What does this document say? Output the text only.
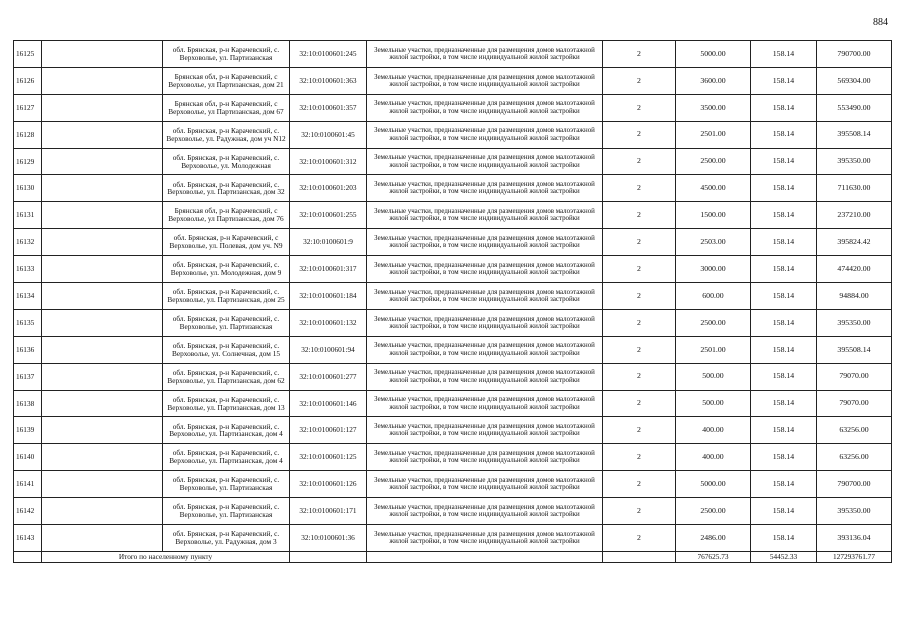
884
16125		обл. Брянская, р-н Карачевский, с. Верховолье, ул. Партизанская	32:10:0100601:245	Земельные участки, предназначенные для размещения домов малоэтажной жилой застройки, в том числе индивидуальной жилой застройки	2	5000.00	158.14	790700.00
16126		Брянская обл, р-н Карачевский, с Верховолье, ул Партизанская, дом 21	32:10:0100601:363	Земельные участки, предназначенные для размещения домов малоэтажной жилой застройки, в том числе индивидуальной жилой застройки	2	3600.00	158.14	569304.00
16127		Брянская обл, р-н Карачевский, с Верховолье, ул Партизанская, дом 67	32:10:0100601:357	Земельные участки, предназначенные для размещения домов малоэтажной жилой застройки, в том числе индивидуальной жилой застройки	2	3500.00	158.14	553490.00
16128		обл. Брянская, р-н Карачевский, с. Верховолье, ул. Радужная, дом уч N12	32:10:0100601:45	Земельные участки, предназначенные для размещения домов малоэтажной жилой застройки, в том числе индивидуальной жилой застройки	2	2501.00	158.14	395508.14
16129		обл. Брянская, р-н Карачевский, с. Верховолье, ул. Молодежная	32:10:0100601:312	Земельные участки, предназначенные для размещения домов малоэтажной жилой застройки, в том числе индивидуальной жилой застройки	2	2500.00	158.14	395350.00
16130		обл. Брянская, р-н Карачевский, с. Верховолье, ул. Партизанская, дом 32	32:10:0100601:203	Земельные участки, предназначенные для размещения домов малоэтажной жилой застройки, в том числе индивидуальной жилой застройки	2	4500.00	158.14	711630.00
16131		Брянская обл, р-н Карачевский, с Верховолье, ул Партизанская, дом 76	32:10:0100601:255	Земельные участки, предназначенные для размещения домов малоэтажной жилой застройки, в том числе индивидуальной жилой застройки	2	1500.00	158.14	237210.00
16132		обл. Брянская, р-н Карачевский, с Верховолье, ул. Полевая, дом уч. N9	32:10:0100601:9	Земельные участки, предназначенные для размещения домов малоэтажной жилой застройки, в том числе индивидуальной жилой застройки	2	2503.00	158.14	395824.42
16133		обл. Брянская, р-н Карачевский, с. Верховолье, ул. Молодежная, дом 9	32:10:0100601:317	Земельные участки, предназначенные для размещения домов малоэтажной жилой застройки, в том числе индивидуальной жилой застройки	2	3000.00	158.14	474420.00
16134		обл. Брянская, р-н Карачевский, с. Верховолье, ул. Партизанская, дом 25	32:10:0100601:184	Земельные участки, предназначенные для размещения домов малоэтажной жилой застройки, в том числе индивидуальной жилой застройки	2	600.00	158.14	94884.00
16135		обл. Брянская, р-н Карачевский, с. Верховолье, ул. Партизанская	32:10:0100601:132	Земельные участки, предназначенные для размещения домов малоэтажной жилой застройки, в том числе индивидуальной жилой застройки	2	2500.00	158.14	395350.00
16136		обл. Брянская, р-н Карачевский, с. Верховолье, ул. Солнечная, дом 15	32:10:0100601:94	Земельные участки, предназначенные для размещения домов малоэтажной жилой застройки, в том числе индивидуальной жилой застройки	2	2501.00	158.14	395508.14
16137		обл. Брянская, р-н Карачевский, с. Верховолье, ул. Партизанская, дом 62	32:10:0100601:277	Земельные участки, предназначенные для размещения домов малоэтажной жилой застройки, в том числе индивидуальной жилой застройки	2	500.00	158.14	79070.00
16138		обл. Брянская, р-н Карачевский, с. Верховолье, ул. Партизанская, дом 13	32:10:0100601:146	Земельные участки, предназначенные для размещения домов малоэтажной жилой застройки, в том числе индивидуальной жилой застройки	2	500.00	158.14	79070.00
16139		обл. Брянская, р-н Карачевский, с. Верховолье, ул. Партизанская, дом 4	32:10:0100601:127	Земельные участки, предназначенные для размещения домов малоэтажной жилой застройки, в том числе индивидуальной жилой застройки	2	400.00	158.14	63256.00
16140		обл. Брянская, р-н Карачевский, с. Верховолье, ул. Партизанская, дом 4	32:10:0100601:125	Земельные участки, предназначенные для размещения домов малоэтажной жилой застройки, в том числе индивидуальной жилой застройки	2	400.00	158.14	63256.00
16141		обл. Брянская, р-н Карачевский, с. Верховолье, ул. Партизанская	32:10:0100601:126	Земельные участки, предназначенные для размещения домов малоэтажной жилой застройки, в том числе индивидуальной жилой застройки	2	5000.00	158.14	790700.00
16142		обл. Брянская, р-н Карачевский, с. Верховолье, ул. Партизанская	32:10:0100601:171	Земельные участки, предназначенные для размещения домов малоэтажной жилой застройки, в том числе индивидуальной жилой застройки	2	2500.00	158.14	395350.00
16143		обл. Брянская, р-н Карачевский, с. Верховолье, ул. Радужная, дом 3	32:10:0100601:36	Земельные участки, предназначенные для размещения домов малоэтажной жилой застройки, в том числе индивидуальной жилой застройки	2	2486.00	158.14	393136.04
	Итого по населенному пункту					767625.73	54452.33	127293761.77
